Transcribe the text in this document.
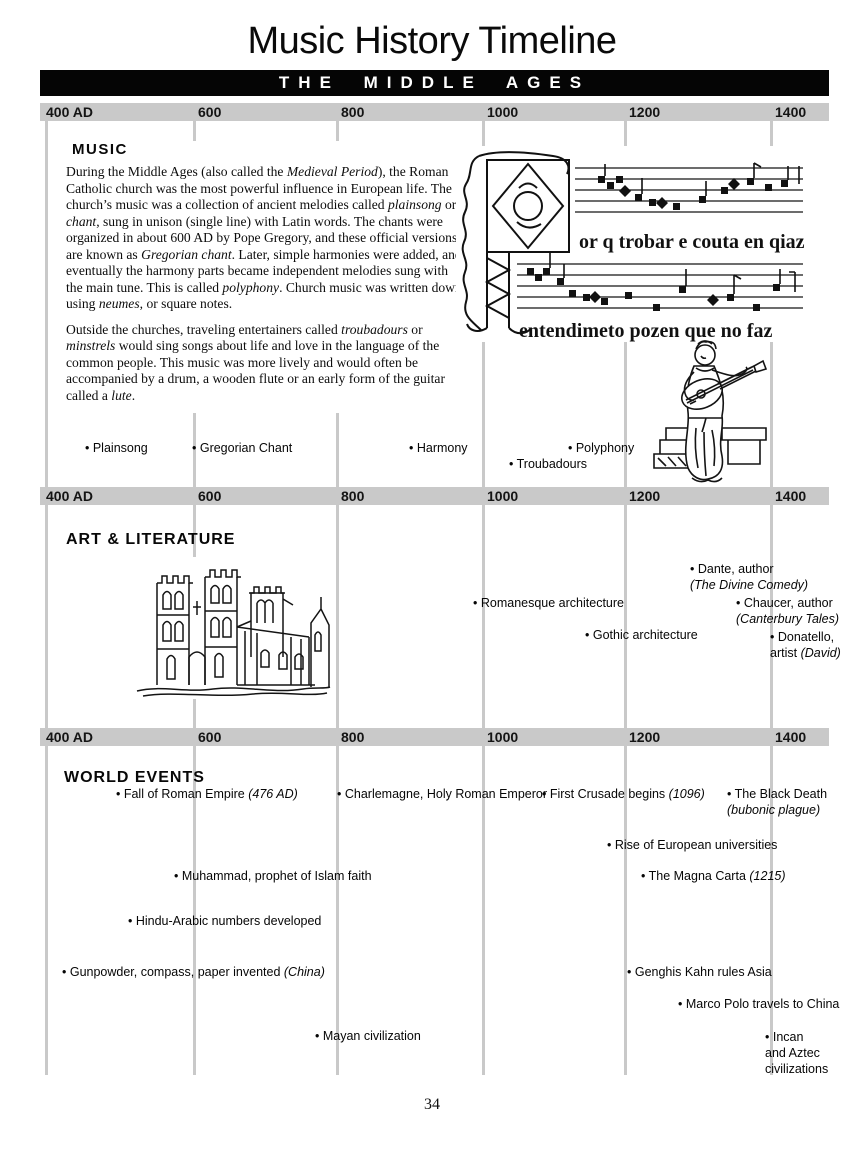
Music History Timeline
THE MIDDLE AGES
400 AD	600	800	1000	1200	1400
400 AD	600	800	1000	1200	1400
400 AD	600	800	1000	1200	1400
MUSIC

During the Middle Ages (also called the Medieval Period), the Roman Catholic church was the most powerful influence in European life. The church’s music was a collection of ancient melodies called plainsong or chant, sung in unison (single line) with Latin words. The chants were organized in about 600 AD by Pope Gregory, and these official versions are known as Gregorian chant. Later, simple harmonies were added, and eventually the harmony parts became independent melodies sung with the main tune. This is called polyphony. Church music was written down using neumes, or square notes.

Outside the churches, traveling entertainers called troubadours or minstrels would sing songs about life and love in the language of the common people. This music was more lively and would often be accompanied by a drum, a wooden flute or an early form of the guitar called a lute.

or q trobar e couta en qiaz
entendimeto pozen que no faz
• Plainsong	• Gregorian Chant	• Harmony
• Troubadours
• Polyphony
ART & LITERATURE
• Dante, author
(The Divine Comedy)
• Romanesque architecture	• Chaucer, author
(Canterbury Tales)
• Gothic architecture	• Donatello,
artist (David)
WORLD EVENTS
• Fall of Roman Empire (476 AD)	• Charlemagne, Holy Roman Emperor
• First Crusade begins (1096) • The Black Death
(bubonic plague)
• Rise of European universities
• Muhammad, prophet of Islam faith	• The Magna Carta (1215)
• Hindu-Arabic numbers developed
• Gunpowder, compass, paper invented (China)	• Genghis Kahn rules Asia
• Marco Polo travels to China
• Mayan civilization	• Incan
and Aztec
civilizations
34
